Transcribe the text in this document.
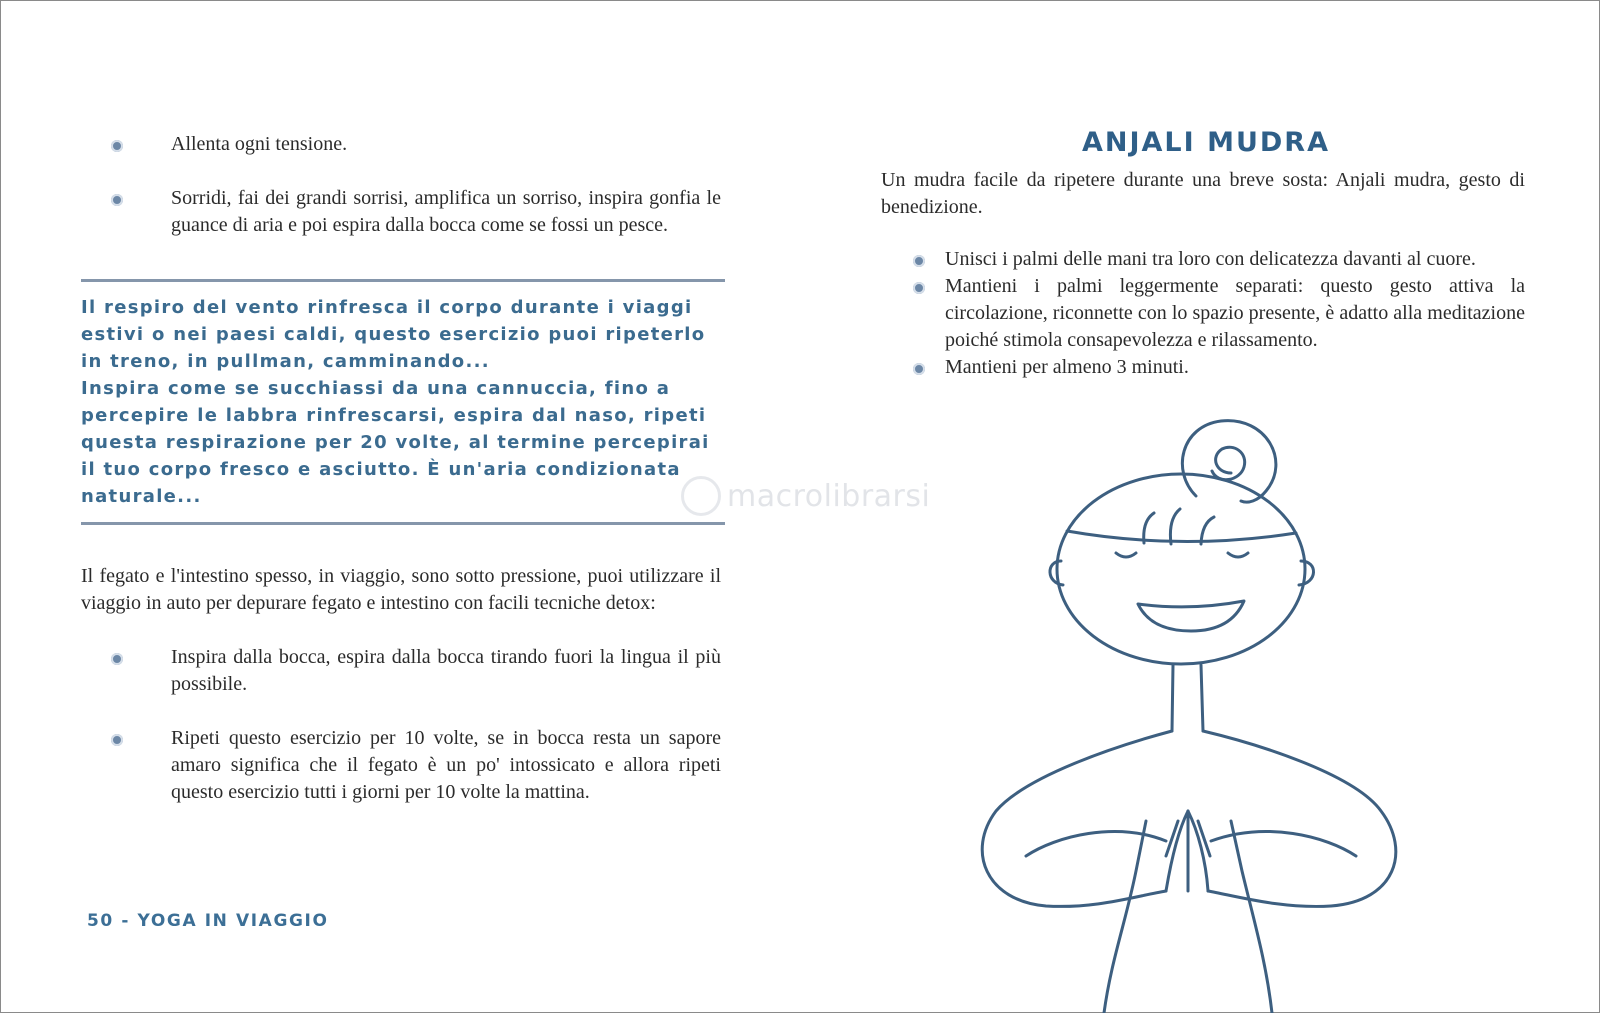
Allenta ogni tensione.
Sorridi, fai dei grandi sorrisi, amplifica un sorriso, inspira gonfia le guance di aria e poi espira dalla bocca come se fossi un pesce.

Il respiro del vento rinfresca il corpo durante i viaggi estivi o nei paesi caldi, questo esercizio puoi ripeterlo in treno, in pullman, camminando...

Inspira come se succhiassi da una cannuccia, fino a percepire le labbra rinfrescarsi, espira dal naso, ripeti questa respirazione per 20 volte, al termine percepirai il tuo corpo fresco e asciutto. È un'aria condizionata naturale...

Il fegato e l'intestino spesso, in viaggio, sono sotto pressione, puoi utilizzare il viaggio in auto per depurare fegato e intestino con facili tecniche detox:

Inspira dalla bocca, espira dalla bocca tirando fuori la lingua il più possibile.
Ripeti questo esercizio per 10 volte, se in bocca resta un sapore amaro significa che il fegato è un po' intossicato e allora ripeti questo esercizio tutti i giorni per 10 volte la mattina.
50 - YOGA IN VIAGGIO
macrolibrarsi
ANJALI MUDRA

Un mudra facile da ripetere durante una breve sosta: Anjali mudra, gesto di benedizione.

Unisci i palmi delle mani tra loro con delicatezza davanti al cuore.
Mantieni i palmi leggermente separati: questo gesto attiva la circolazione, riconnette con lo spazio presente, è adatto alla meditazione poiché stimola consapevolezza e rilassamento.
Mantieni per almeno 3 minuti.
